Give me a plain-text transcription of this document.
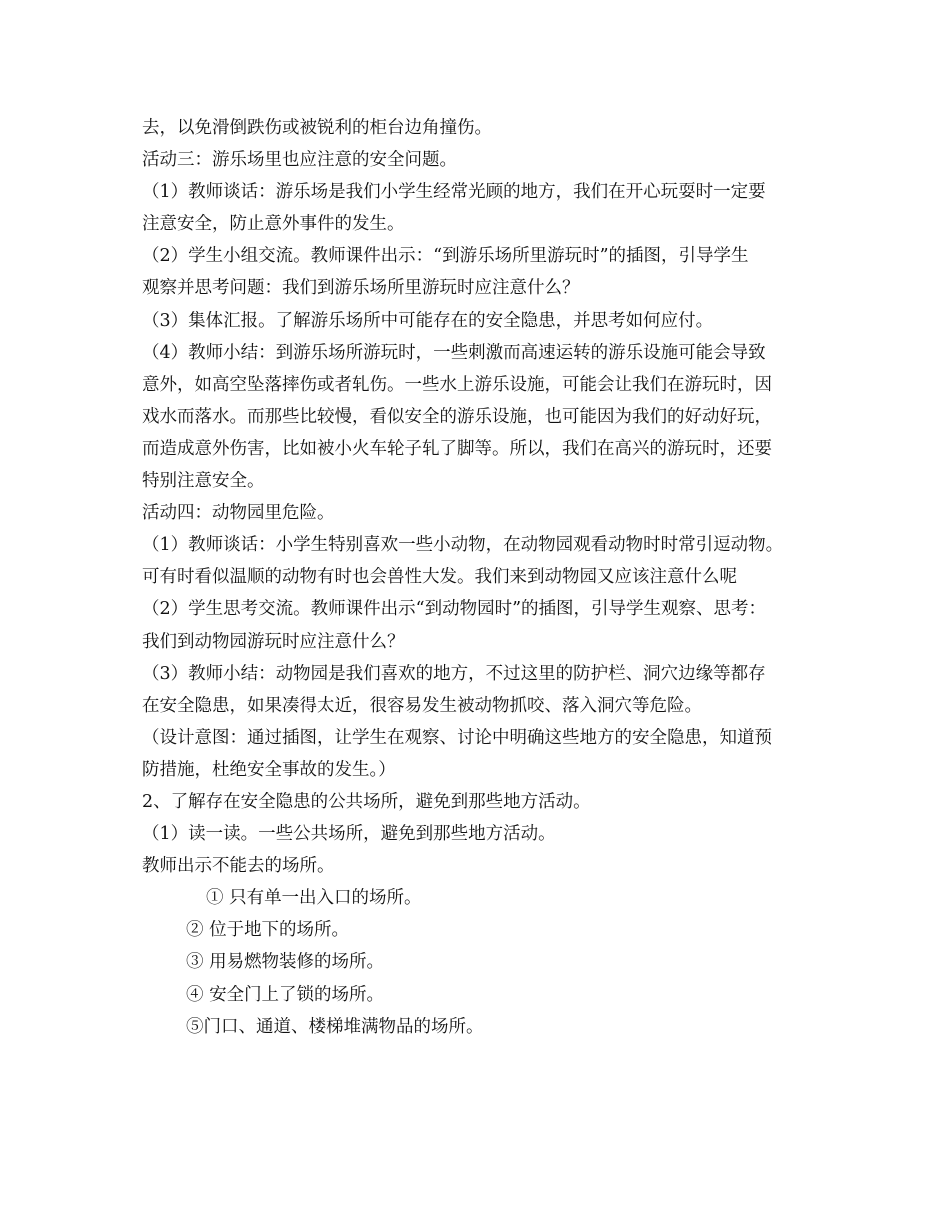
去，以免滑倒跌伤或被锐利的柜台边角撞伤。
活动三：游乐场里也应注意的安全问题。
（1）教师谈话：游乐场是我们小学生经常光顾的地方，我们在开心玩耍时一定要
注意安全，防止意外事件的发生。
（2）学生小组交流。教师课件出示：“到游乐场所里游玩时”的插图，引导学生
观察并思考问题：我们到游乐场所里游玩时应注意什么？
（3）集体汇报。了解游乐场所中可能存在的安全隐患，并思考如何应付。
（4）教师小结：到游乐场所游玩时，一些刺激而高速运转的游乐设施可能会导致
意外，如高空坠落摔伤或者轧伤。一些水上游乐设施，可能会让我们在游玩时，因
戏水而落水。而那些比较慢，看似安全的游乐设施，也可能因为我们的好动好玩，
而造成意外伤害，比如被小火车轮子轧了脚等。所以，我们在高兴的游玩时，还要
特别注意安全。
活动四：动物园里危险。
（1）教师谈话：小学生特别喜欢一些小动物，在动物园观看动物时时常引逗动物。
可有时看似温顺的动物有时也会兽性大发。我们来到动物园又应该注意什么呢
（2）学生思考交流。教师课件出示“到动物园时”的插图，引导学生观察、思考：
我们到动物园游玩时应注意什么？
（3）教师小结：动物园是我们喜欢的地方，不过这里的防护栏、洞穴边缘等都存
在安全隐患，如果凑得太近，很容易发生被动物抓咬、落入洞穴等危险。
（设计意图：通过插图，让学生在观察、讨论中明确这些地方的安全隐患，知道预
防措施，杜绝安全事故的发生。）
2、了解存在安全隐患的公共场所，避免到那些地方活动。
（1）读一读。一些公共场所，避免到那些地方活动。
教师出示不能去的场所。
① 只有单一出入口的场所。
② 位于地下的场所。
③ 用易燃物装修的场所。
④ 安全门上了锁的场所。
⑤门口、通道、楼梯堆满物品的场所。
